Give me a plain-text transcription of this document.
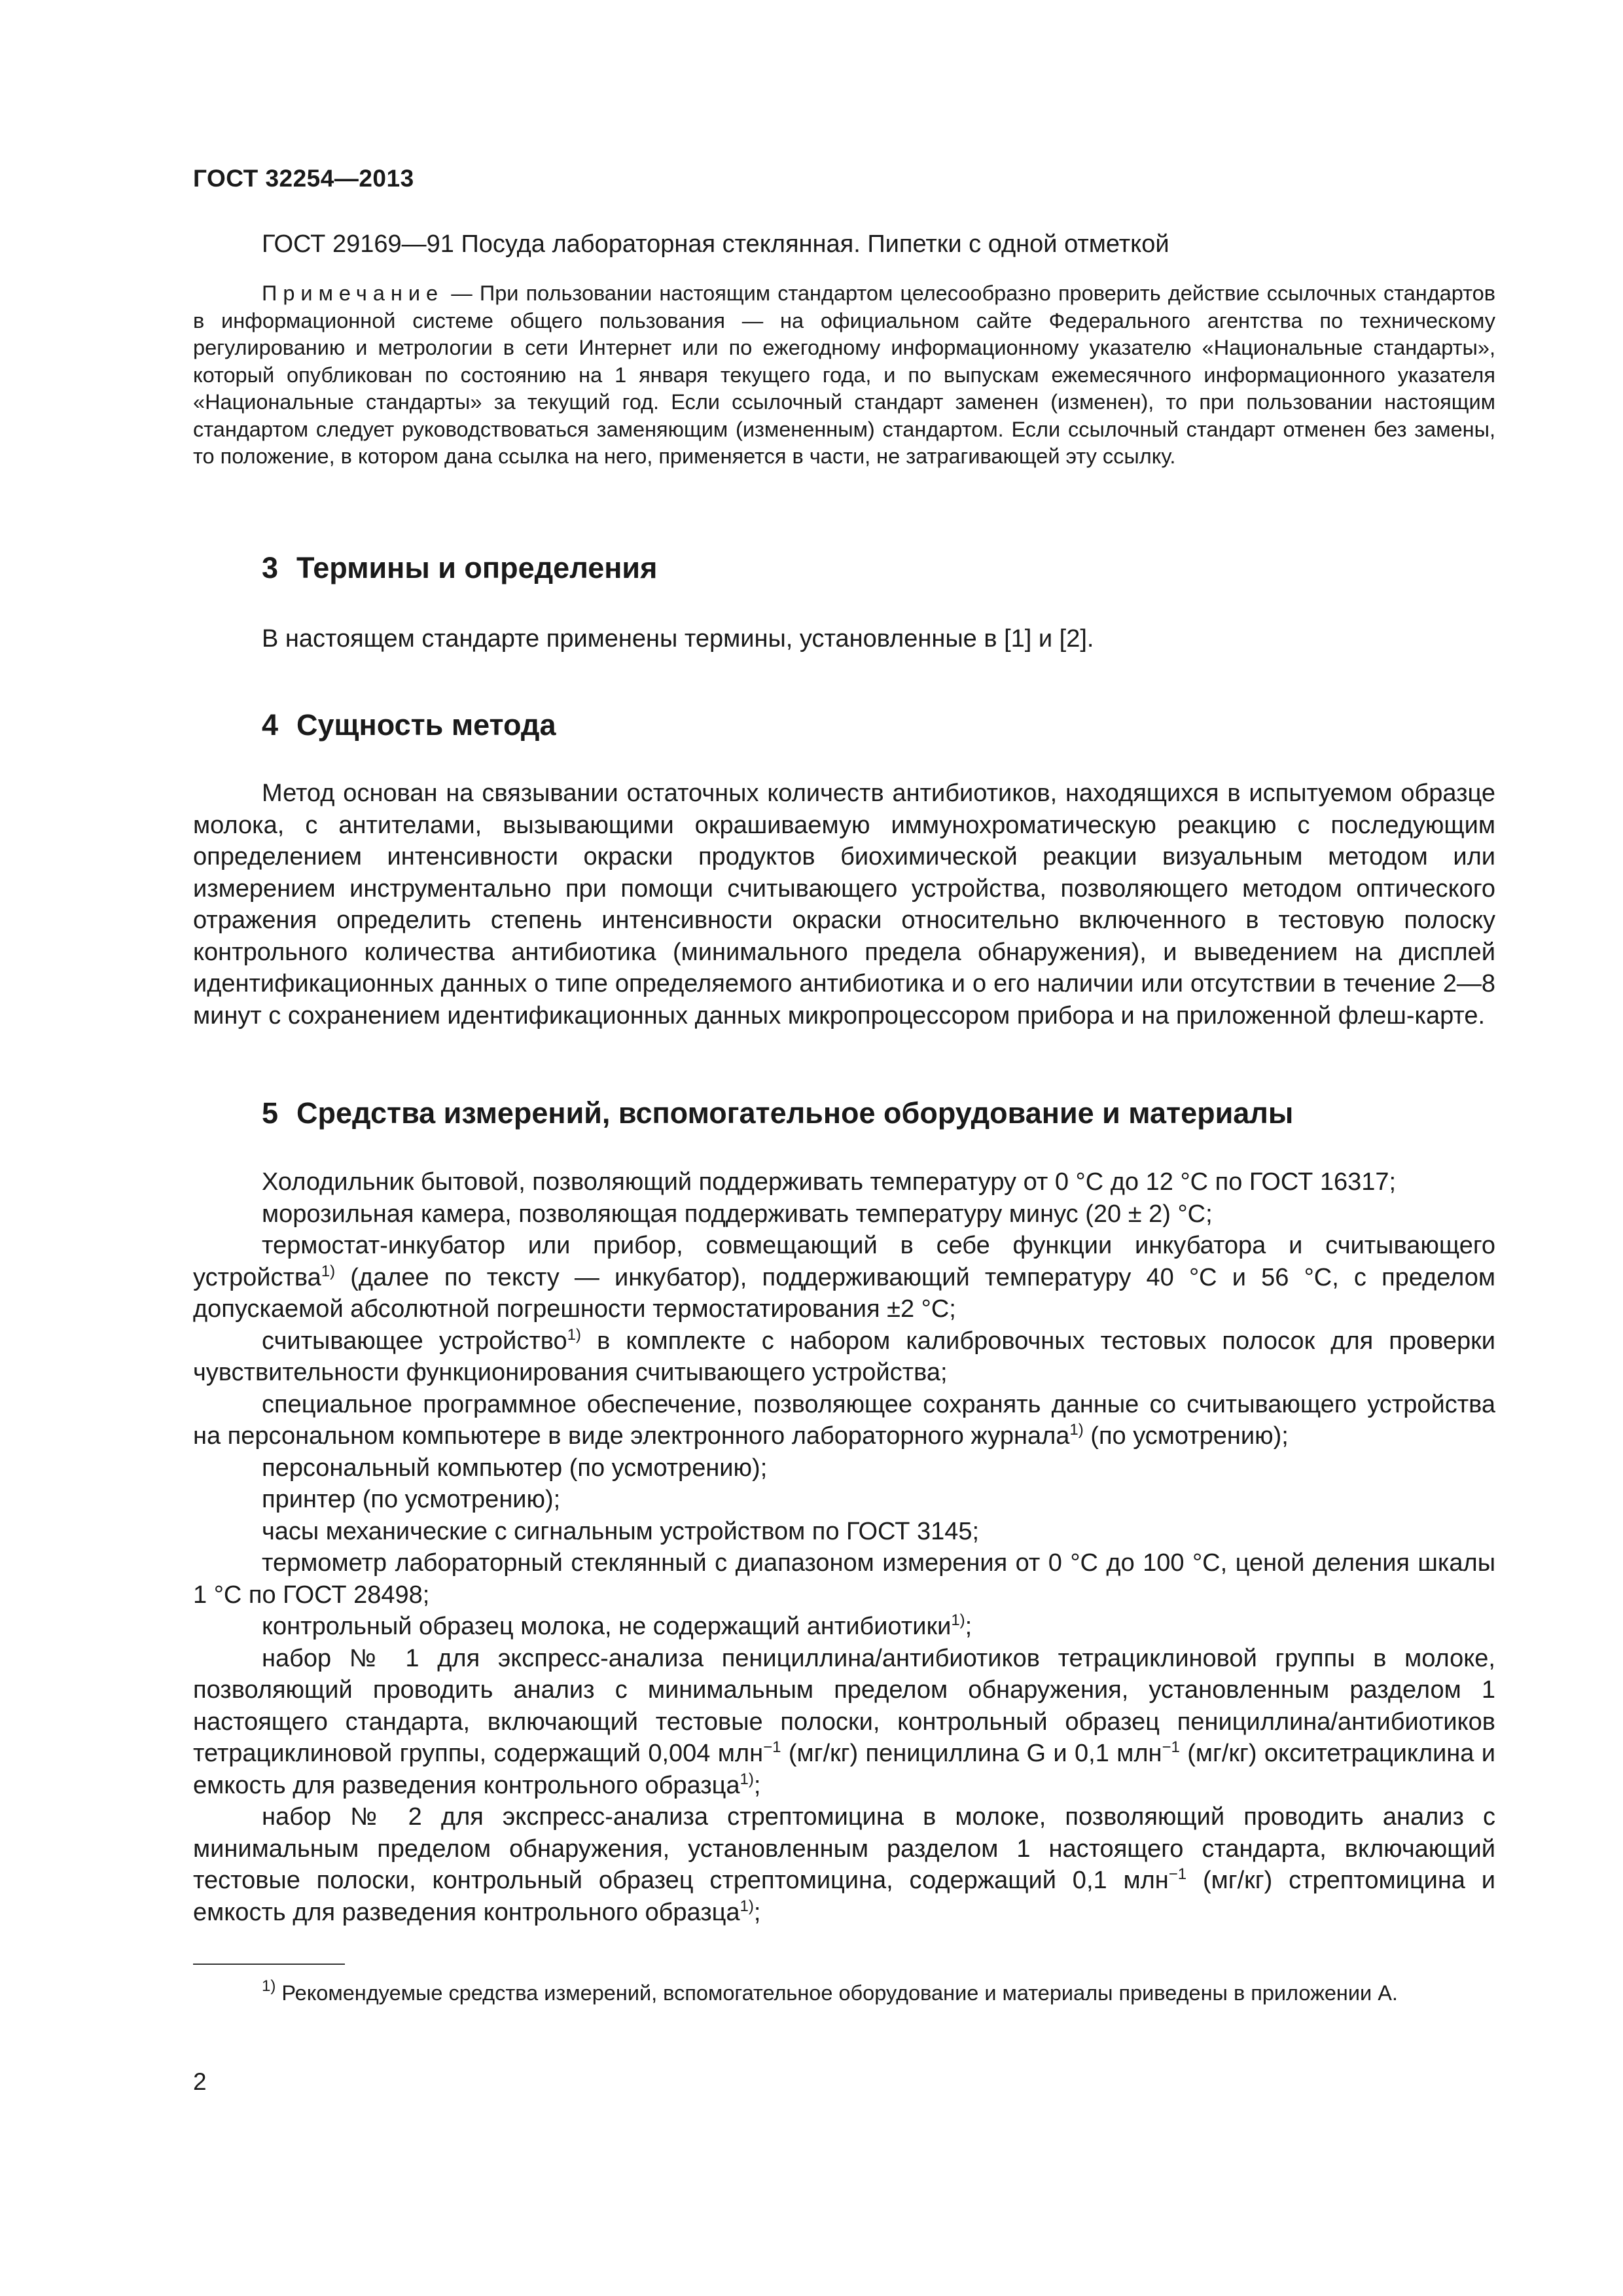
ГОСТ 32254—2013
ГОСТ 29169—91 Посуда лабораторная стеклянная. Пипетки с одной отметкой
Примечание — При пользовании настоящим стандартом целесообразно проверить действие ссылочных стандартов в информационной системе общего пользования — на официальном сайте Федерального агентства по техническому регулированию и метрологии в сети Интернет или по ежегодному информационному указателю «Национальные стандарты», который опубликован по состоянию на 1 января текущего года, и по выпускам ежемесячного информационного указателя «Национальные стандарты» за текущий год. Если ссылочный стандарт заменен (изменен), то при пользовании настоящим стандартом следует руководствоваться заменяющим (измененным) стандартом. Если ссылочный стандарт отменен без замены, то положение, в котором дана ссылка на него, применяется в части, не затрагивающей эту ссылку.
3 Термины и определения
В настоящем стандарте применены термины, установленные в [1] и [2].
4 Сущность метода
Метод основан на связывании остаточных количеств антибиотиков, находящихся в испытуемом образце молока, с антителами, вызывающими окрашиваемую иммунохроматическую реакцию с последующим определением интенсивности окраски продуктов биохимической реакции визуальным методом или измерением инструментально при помощи считывающего устройства, позволяющего методом оптического отражения определить степень интенсивности окраски относительно включенного в тестовую полоску контрольного количества антибиотика (минимального предела обнаружения), и выведением на дисплей идентификационных данных о типе определяемого антибиотика и о его наличии или отсутствии в течение 2—8 минут с сохранением идентификационных данных микропроцессором прибора и на приложенной флеш-карте.
5 Средства измерений, вспомогательное оборудование и материалы

Холодильник бытовой, позволяющий поддерживать температуру от 0 °С до 12 °С по ГОСТ 16317;

морозильная камера, позволяющая поддерживать температуру минус (20 ± 2) °С;

термостат-инкубатор или прибор, совмещающий в себе функции инкубатора и считывающего устройства$^{1)}$ (далее по тексту — инкубатор), поддерживающий температуру 40 °С и 56 °С, с пределом допускаемой абсолютной погрешности термостатирования ±2 °С;

считывающее устройство$^{1)}$ в комплекте с набором калибровочных тестовых полосок для проверки чувствительности функционирования считывающего устройства;

специальное программное обеспечение, позволяющее сохранять данные со считывающего устройства на персональном компьютере в виде электронного лабораторного журнала$^{1)}$ (по усмотрению);

персональный компьютер (по усмотрению);

принтер (по усмотрению);

часы механические с сигнальным устройством по ГОСТ 3145;

термометр лабораторный стеклянный с диапазоном измерения от 0 °С до 100 °С, ценой деления шкалы 1 °С по ГОСТ 28498;

контрольный образец молока, не содержащий антибиотики$^{1)}$;

набор № 1 для экспресс-анализа пенициллина/антибиотиков тетрациклиновой группы в молоке, позволяющий проводить анализ с минимальным пределом обнаружения, установленным разделом 1 настоящего стандарта, включающий тестовые полоски, контрольный образец пенициллина/антибиотиков тетрациклиновой группы, содержащий 0,004 млн$^{-1}$ (мг/кг) пенициллина G и 0,1 млн$^{-1}$ (мг/кг) окситетрациклина и емкость для разведения контрольного образца$^{1)}$;

набор № 2 для экспресс-анализа стрептомицина в молоке, позволяющий проводить анализ с минимальным пределом обнаружения, установленным разделом 1 настоящего стандарта, включающий тестовые полоски, контрольный образец стрептомицина, содержащий 0,1 млн$^{-1}$ (мг/кг) стрептомицина и емкость для разведения контрольного образца$^{1)}$;

$^{1)}$ Рекомендуемые средства измерений, вспомогательное оборудование и материалы приведены в приложении А.
2
